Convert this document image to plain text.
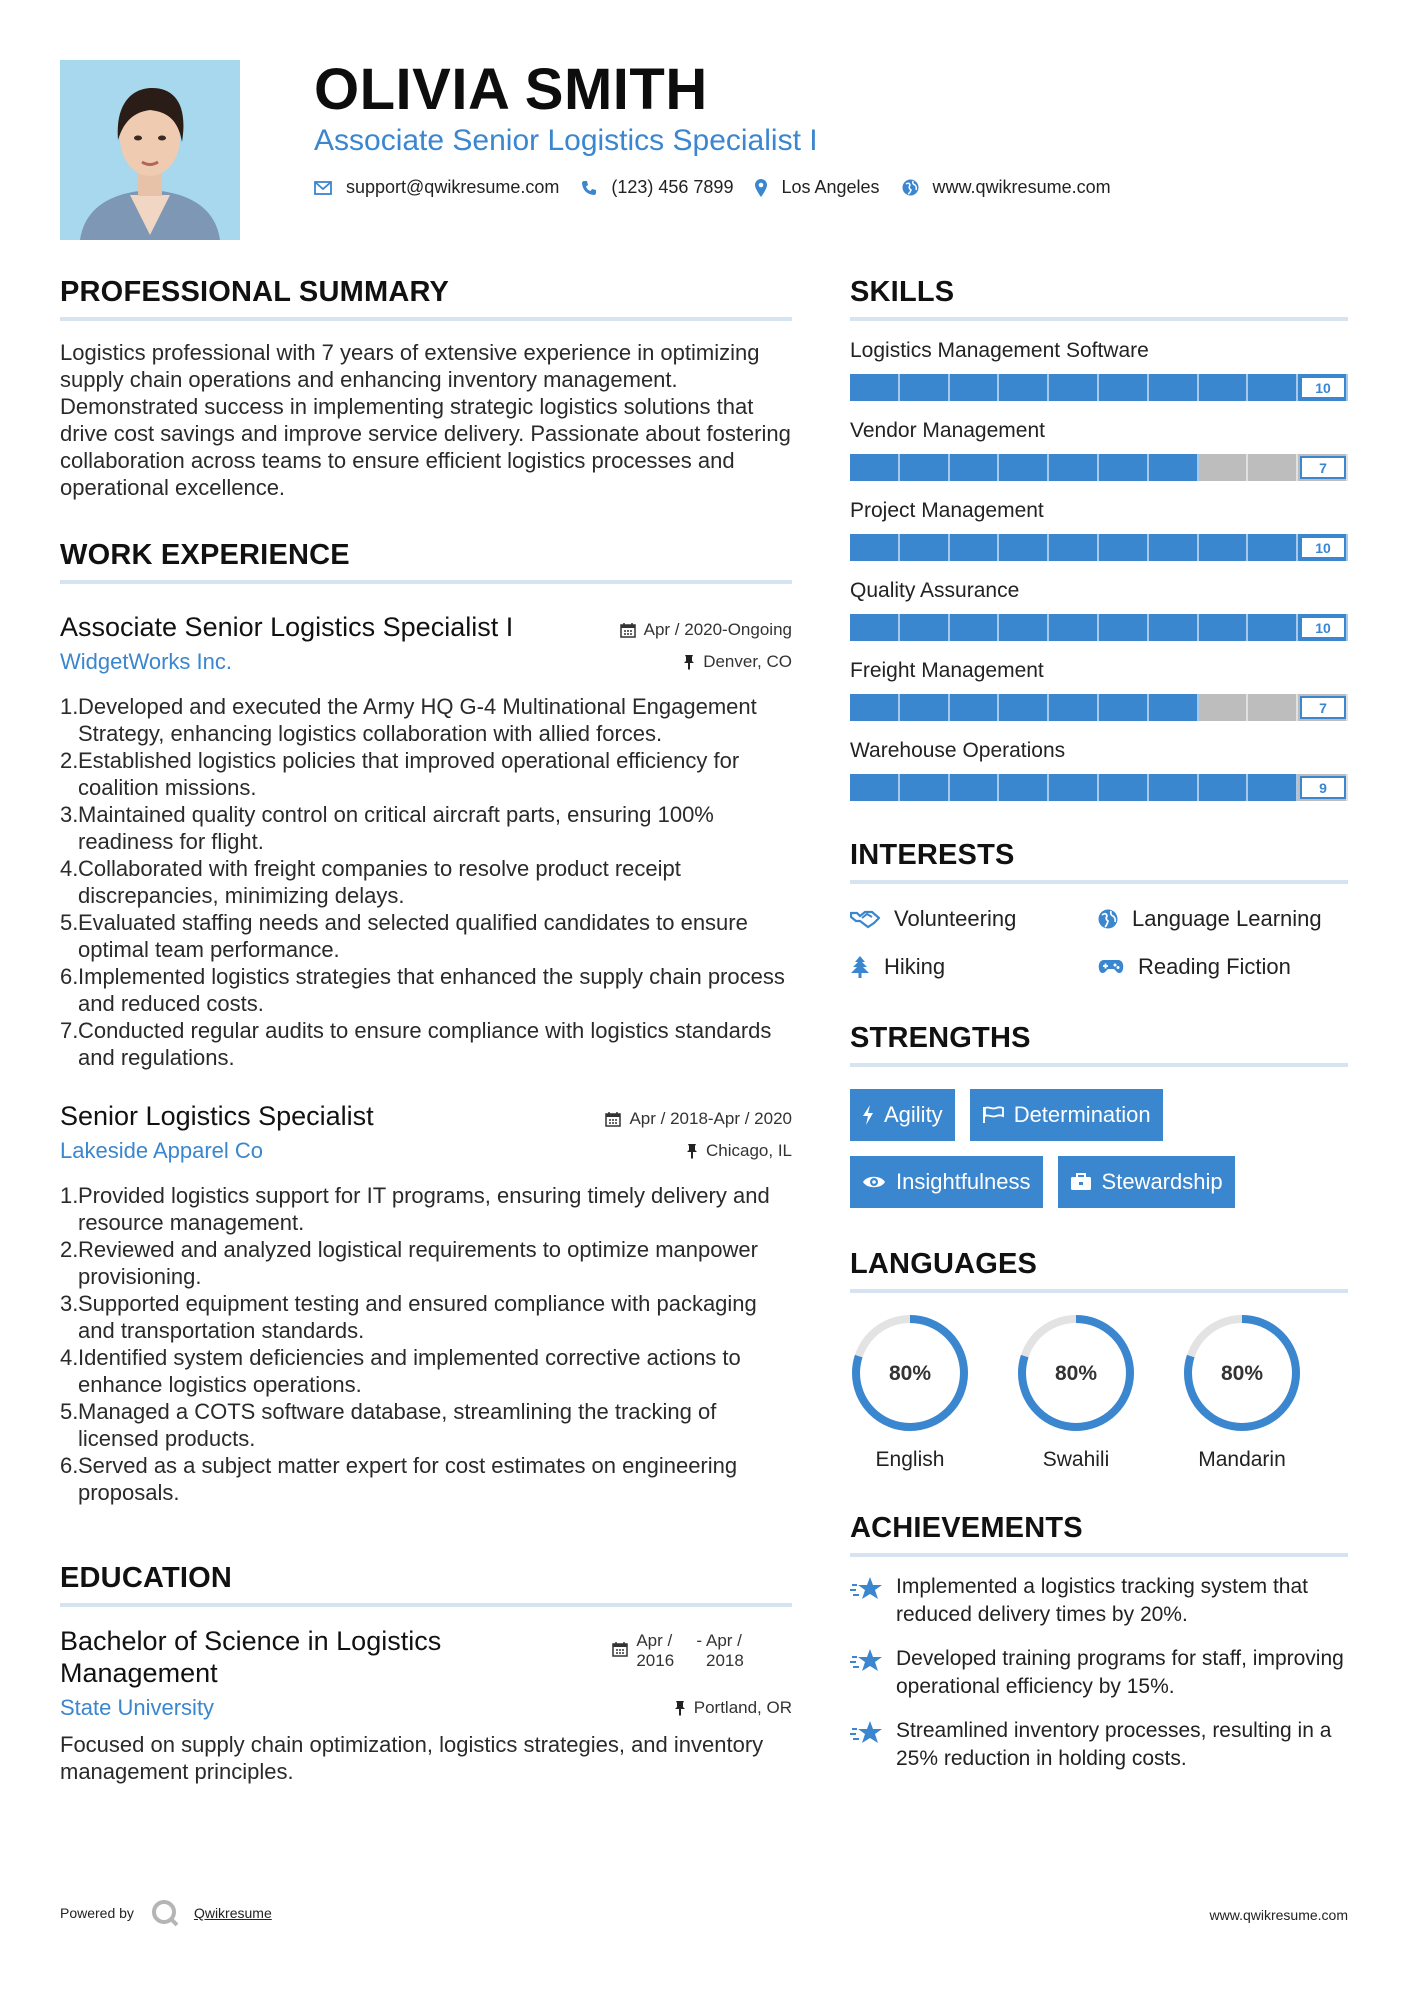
OLIVIA SMITH
Associate Senior Logistics Specialist I
support@qwikresume.com	(123) 456 7899	Los Angeles	www.qwikresume.com
PROFESSIONAL SUMMARY

Logistics professional with 7 years of extensive experience in optimizing supply chain operations and enhancing inventory management. Demonstrated success in implementing strategic logistics solutions that drive cost savings and improve service delivery. Passionate about fostering collaboration across teams to ensure efficient logistics processes and operational excellence.

WORK EXPERIENCE
Associate Senior Logistics Specialist I	Apr / 2020-Ongoing
WidgetWorks Inc.	Denver, CO
1. Developed and executed the Army HQ G-4 Multinational Engagement Strategy, enhancing logistics collaboration with allied forces.
2. Established logistics policies that improved operational efficiency for coalition missions.
3. Maintained quality control on critical aircraft parts, ensuring 100% readiness for flight.
4. Collaborated with freight companies to resolve product receipt discrepancies, minimizing delays.
5. Evaluated staffing needs and selected qualified candidates to ensure optimal team performance.
6. Implemented logistics strategies that enhanced the supply chain process and reduced costs.
7. Conducted regular audits to ensure compliance with logistics standards and regulations.
Senior Logistics Specialist	Apr / 2018-Apr / 2020
Lakeside Apparel Co	Chicago, IL
1. Provided logistics support for IT programs, ensuring timely delivery and resource management.
2. Reviewed and analyzed logistical requirements to optimize manpower provisioning.
3. Supported equipment testing and ensured compliance with packaging and transportation standards.
4. Identified system deficiencies and implemented corrective actions to enhance logistics operations.
5. Managed a COTS software database, streamlining the tracking of licensed products.
6. Served as a subject matter expert for cost estimates on engineering proposals.
EDUCATION
Bachelor of Science in Logistics Management
Apr / 2016
- Apr / 2018
State University	Portland, OR

Focused on supply chain optimization, logistics strategies, and inventory management principles.

SKILLS
Logistics Management Software
10
Vendor Management
7
Project Management
10
Quality Assurance
10
Freight Management
7
Warehouse Operations
9
INTERESTS
Volunteering	Language Learning
Hiking	Reading Fiction
STRENGTHS
Agility	Determination
Insightfulness	Stewardship
LANGUAGES
80%
English
80%
Swahili
80%
Mandarin
ACHIEVEMENTS
Implemented a logistics tracking system that reduced delivery times by 20%.
Developed training programs for staff, improving operational efficiency by 15%.
Streamlined inventory processes, resulting in a 25% reduction in holding costs.
Powered by	Qwikresume	www.qwikresume.com
